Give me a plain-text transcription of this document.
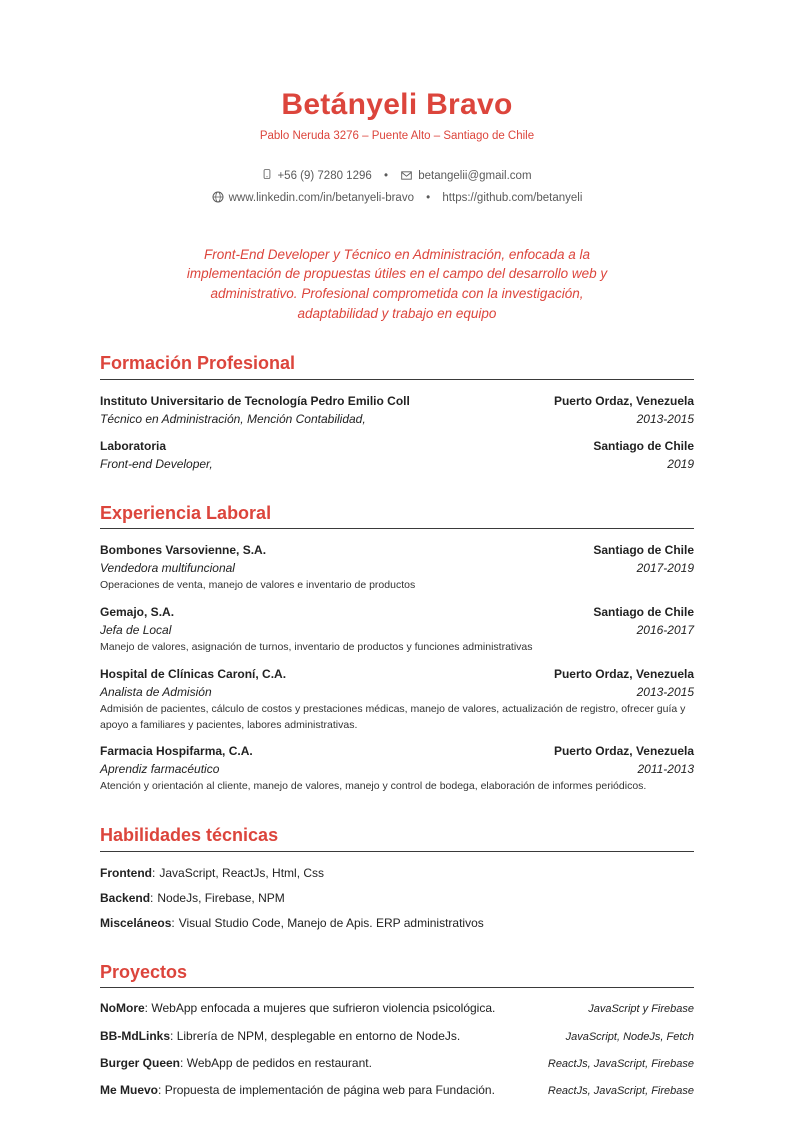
Betányeli Bravo
Pablo Neruda 3276 – Puente Alto – Santiago de Chile
+56 (9) 7280 1296 •	betangelii@gmail.com
www.linkedin.com/in/betanyeli-bravo • https://github.com/betanyeli
Front-End Developer y Técnico en Administración, enfocada a la implementación de propuestas útiles en el campo del desarrollo web y administrativo. Profesional comprometida con la investigación, adaptabilidad y trabajo en equipo
Formación Profesional
Instituto Universitario de Tecnología Pedro Emilio Coll	Puerto Ordaz, Venezuela
Técnico en Administración, Mención Contabilidad,	2013-2015
Laboratoria	Santiago de Chile
Front-end Developer,	2019
Experiencia Laboral
Bombones Varsovienne, S.A.	Santiago de Chile
Vendedora multifuncional	2017-2019
Operaciones de venta, manejo de valores e inventario de productos
Gemajo, S.A.	Santiago de Chile
Jefa de Local	2016-2017
Manejo de valores, asignación de turnos, inventario de productos y funciones administrativas
Hospital de Clínicas Caroní, C.A.	Puerto Ordaz, Venezuela
Analista de Admisión	2013-2015
Admisión de pacientes, cálculo de costos y prestaciones médicas, manejo de valores, actualización de registro, ofrecer guía y apoyo a familiares y pacientes, labores administrativas.
Farmacia Hospifarma, C.A.	Puerto Ordaz, Venezuela
Aprendiz farmacéutico	2011-2013
Atención y orientación al cliente, manejo de valores, manejo y control de bodega, elaboración de informes periódicos.
Habilidades técnicas
Frontend: JavaScript, ReactJs, Html, Css
Backend: NodeJs, Firebase, NPM
Misceláneos: Visual Studio Code, Manejo de Apis. ERP administrativos
Proyectos
NoMore: WebApp enfocada a mujeres que sufrieron violencia psicológica.	JavaScript y Firebase
BB-MdLinks: Librería de NPM, desplegable en entorno de NodeJs.	JavaScript, NodeJs, Fetch
Burger Queen: WebApp de pedidos en restaurant.	ReactJs, JavaScript, Firebase
Me Muevo: Propuesta de implementación de página web para Fundación.	ReactJs, JavaScript, Firebase
